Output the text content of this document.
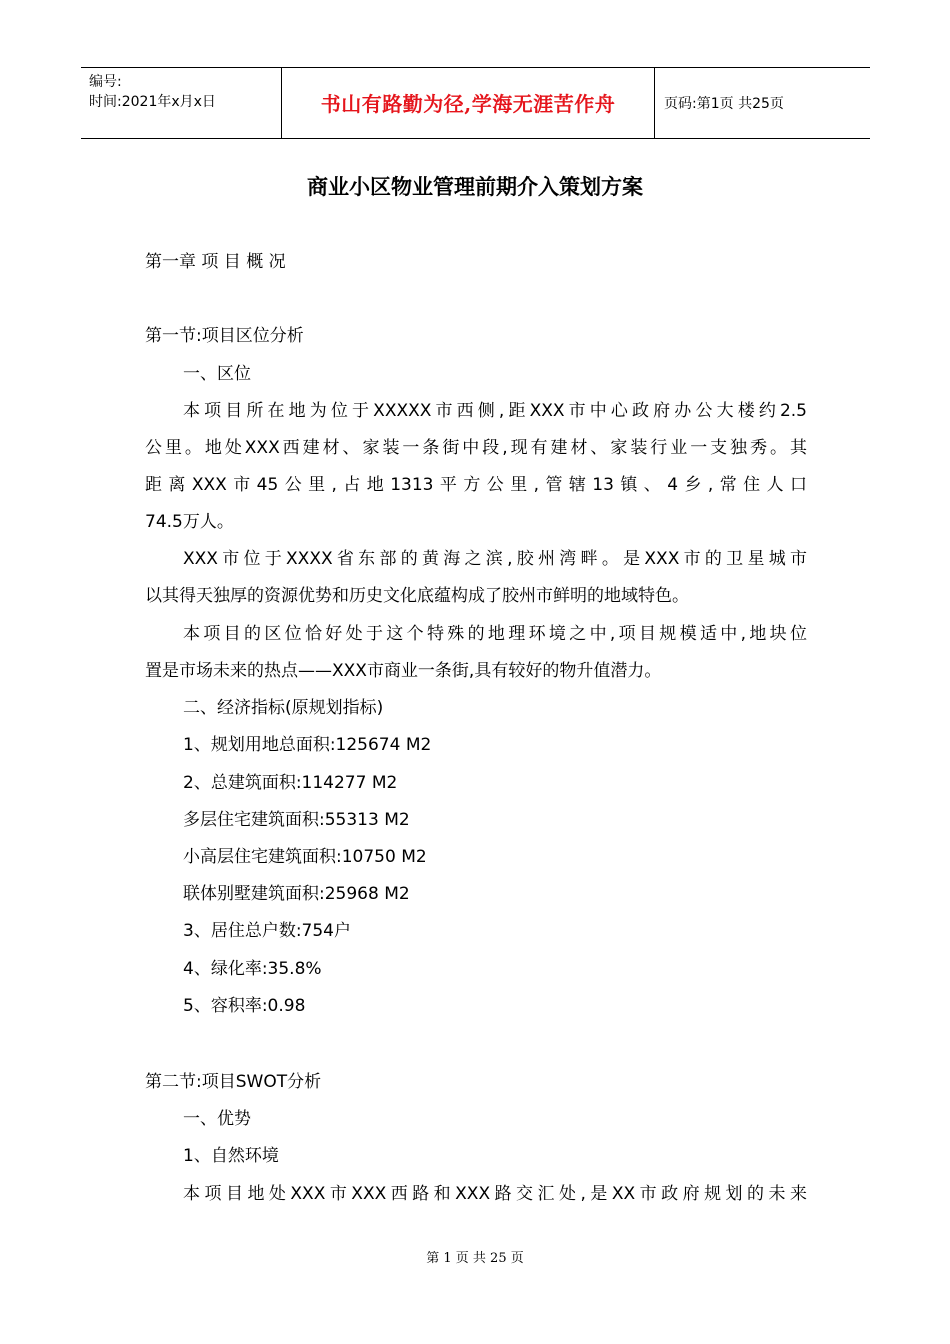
编号:
时间:2021年x月x日	书山有路勤为径,学海无涯苦作舟	页码:第1页 共25页
商业小区物业管理前期介入策划方案
第一章 项 目 概 况
第一节:项目区位分析
一、区位
本项目所在地为位于XXXXX市西侧,距XXX市中心政府办公大楼约2.5
公里。地处XXX西建材、家装一条街中段,现有建材、家装行业一支独秀。其
距离XXX市45公里,占地1313平方公里,管辖13镇、4乡,常住人口
74.5万人。
XXX市位于XXXX省东部的黄海之滨,胶州湾畔。是XXX市的卫星城市
以其得天独厚的资源优势和历史文化底蕴构成了胶州市鲜明的地域特色。
本项目的区位恰好处于这个特殊的地理环境之中,项目规模适中,地块位
置是市场未来的热点——XXX市商业一条街,具有较好的物升值潜力。
二、经济指标(原规划指标)
1、规划用地总面积:125674 M2
2、总建筑面积:114277 M2
多层住宅建筑面积:55313 M2
小高层住宅建筑面积:10750 M2
联体别墅建筑面积:25968 M2
3、居住总户数:754户
4、绿化率:35.8%
5、容积率:0.98
第二节:项目SWOT分析
一、优势
1、自然环境
本项目地处XXX市XXX西路和XXX路交汇处,是XX市政府规划的未来
第 1 页 共 25 页
